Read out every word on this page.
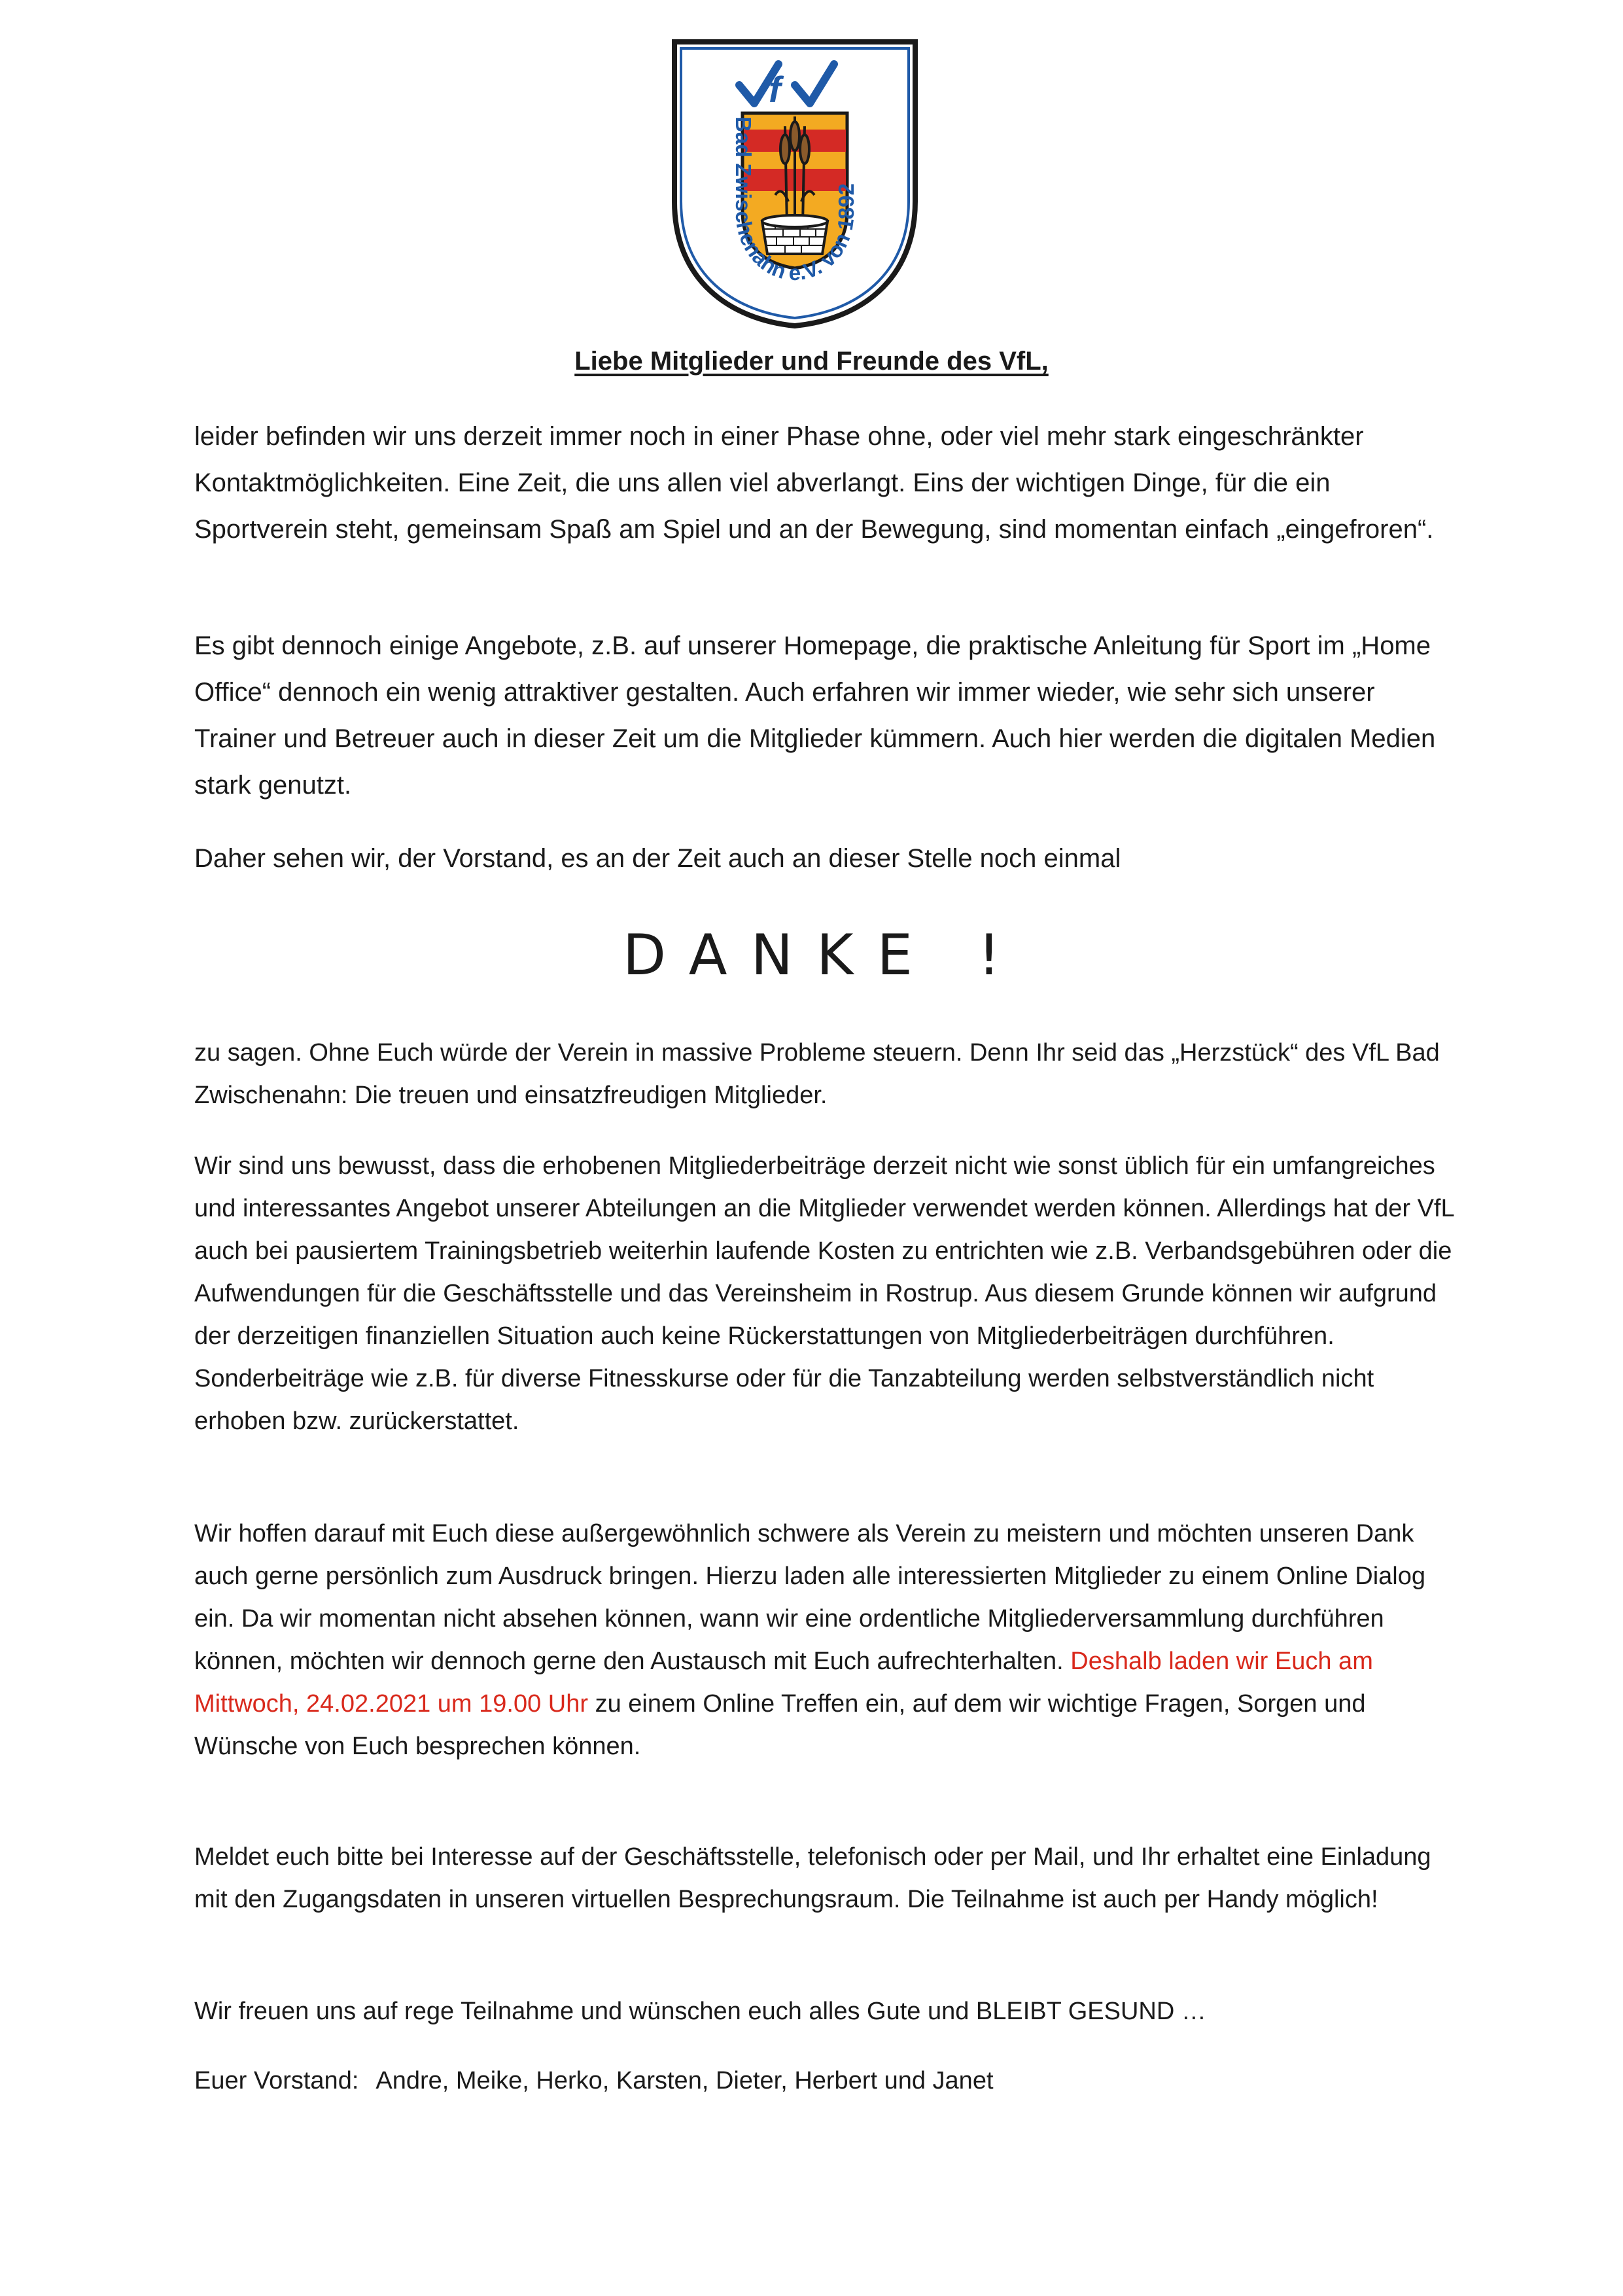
f
Bad Zwischenahn e.V. von 1892
Liebe Mitglieder und Freunde des VfL,

leider befinden wir uns derzeit immer noch in einer Phase ohne, oder viel mehr stark eingeschränkter Kontaktmöglichkeiten. Eine Zeit, die uns allen viel abverlangt. Eins der wichtigen Dinge, für die ein Sportverein steht, gemeinsam Spaß am Spiel und an der Bewegung, sind momentan einfach „eingefroren“.

Es gibt dennoch einige Angebote, z.B. auf unserer Homepage, die praktische Anleitung für Sport im „Home Office“ dennoch ein wenig attraktiver gestalten. Auch erfahren wir immer wieder, wie sehr sich unserer Trainer und Betreuer auch in dieser Zeit um die Mitglieder kümmern. Auch hier werden die digitalen Medien stark genutzt.

Daher sehen wir, der Vorstand, es an der Zeit auch an dieser Stelle noch einmal

DANKE !

zu sagen. Ohne Euch würde der Verein in massive Probleme steuern. Denn Ihr seid das „Herzstück“ des VfL Bad Zwischenahn: Die treuen und einsatzfreudigen Mitglieder.

Wir sind uns bewusst, dass die erhobenen Mitgliederbeiträge derzeit nicht wie sonst üblich für ein umfangreiches und interessantes Angebot unserer Abteilungen an die Mitglieder verwendet werden können. Allerdings hat der VfL auch bei pausiertem Trainingsbetrieb weiterhin laufende Kosten zu entrichten wie z.B. Verbandsgebühren oder die Aufwendungen für die Geschäftsstelle und das Vereinsheim in Rostrup. Aus diesem Grunde können wir aufgrund der derzeitigen finanziellen Situation auch keine Rückerstattungen von Mitgliederbeiträgen durchführen. Sonderbeiträge wie z.B. für diverse Fitnesskurse oder für die Tanzabteilung werden selbstverständlich nicht erhoben bzw. zurückerstattet.

Wir hoffen darauf mit Euch diese außergewöhnlich schwere als Verein zu meistern und möchten unseren Dank auch gerne persönlich zum Ausdruck bringen. Hierzu laden alle interessierten Mitglieder zu einem Online Dialog ein. Da wir momentan nicht absehen können, wann wir eine ordentliche Mitgliederversammlung durchführen können, möchten wir dennoch gerne den Austausch mit Euch aufrechterhalten. Deshalb laden wir Euch am Mittwoch, 24.02.2021 um 19.00 Uhr zu einem Online Treffen ein, auf dem wir wichtige Fragen, Sorgen und Wünsche von Euch besprechen können.

Meldet euch bitte bei Interesse auf der Geschäftsstelle, telefonisch oder per Mail, und Ihr erhaltet eine Einladung mit den Zugangsdaten in unseren virtuellen Besprechungsraum. Die Teilnahme ist auch per Handy möglich!

Wir freuen uns auf rege Teilnahme und wünschen euch alles Gute und BLEIBT GESUND …

Euer Vorstand: Andre, Meike, Herko, Karsten, Dieter, Herbert und Janet
